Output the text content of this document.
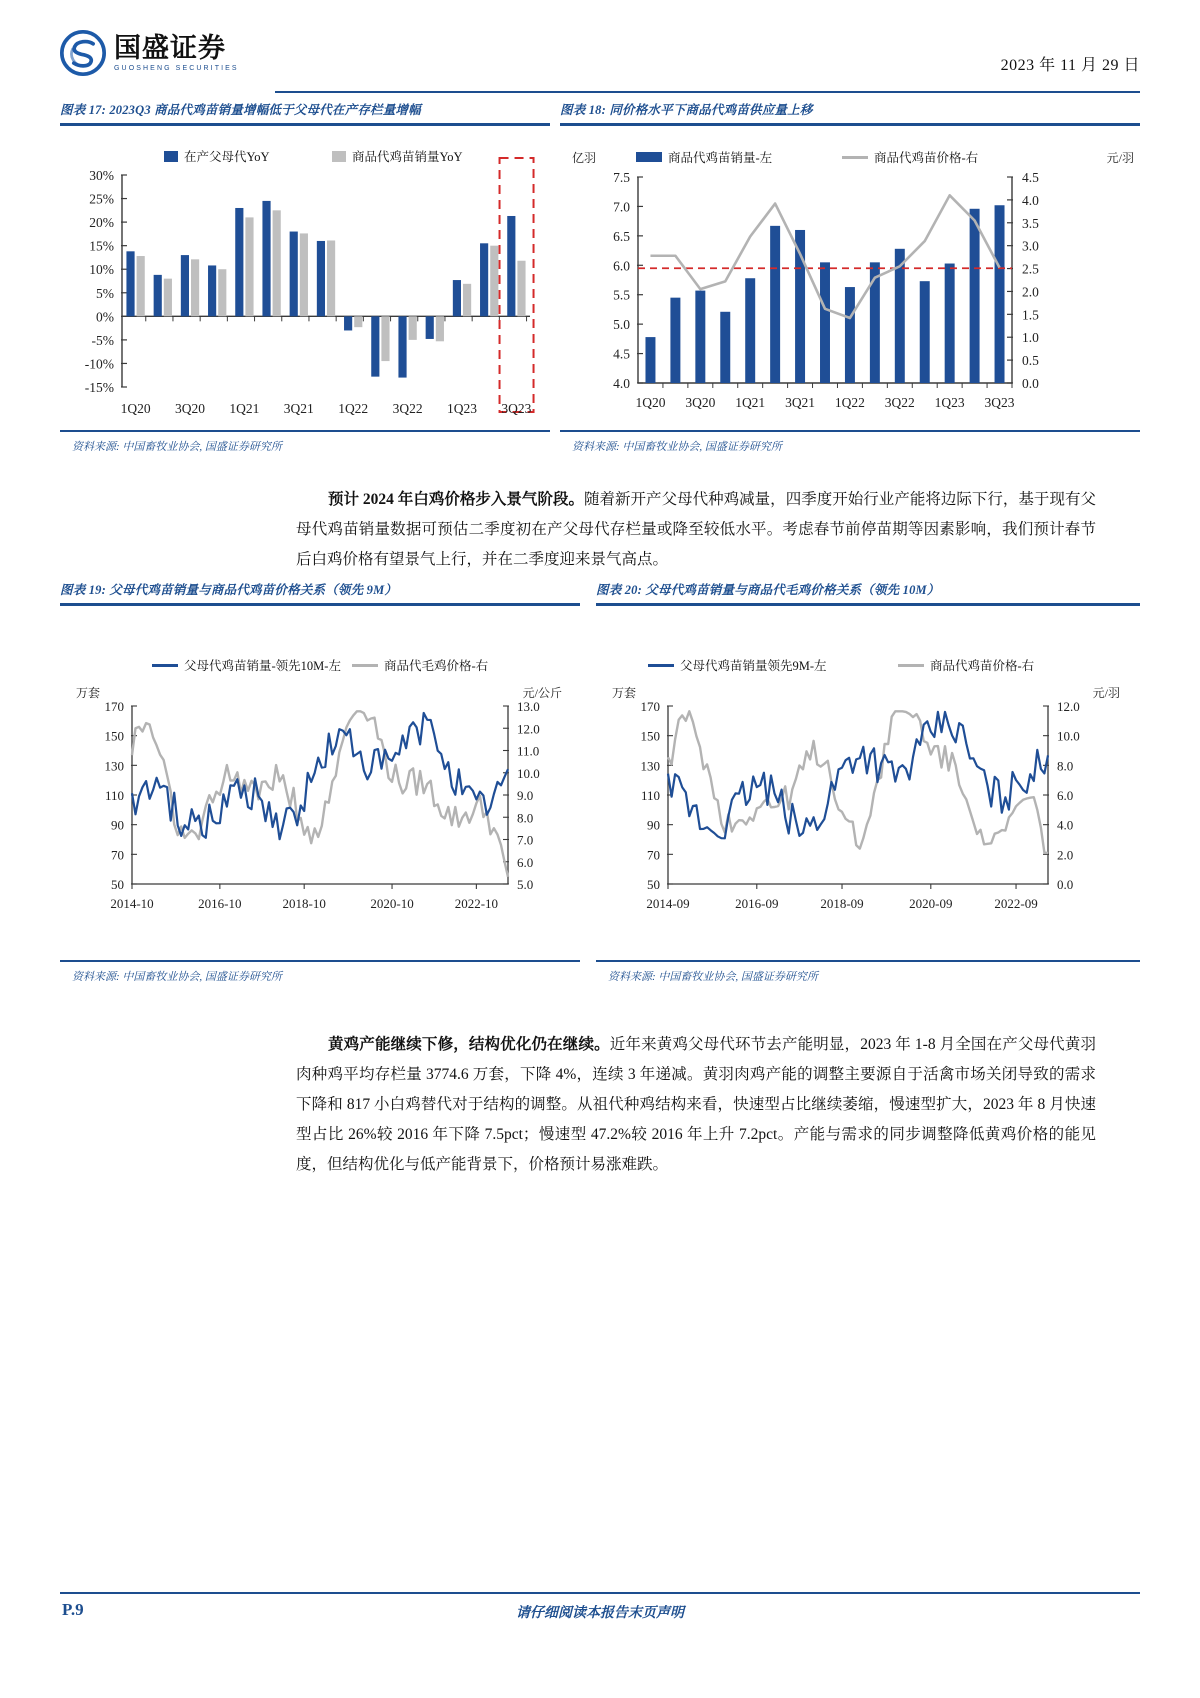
国盛证券
GUOSHENG SECURITIES	2023 年 11 月 29 日
图表 17: 2023Q3 商品代鸡苗销量增幅低于父母代在产存栏量增幅
在产父母代YoY	商品代鸡苗销量YoY
30%
25%
20%
15%
10%
5%
0%
-5%
-10%
-15%
1Q20 3Q20 1Q21 3Q21 1Q22 3Q22 1Q23 3Q23
资料来源: 中国畜牧业协会, 国盛证券研究所
图表 18: 同价格水平下商品代鸡苗供应量上移
亿羽	元/羽
商品代鸡苗销量-左	商品代鸡苗价格-右
7.5
7.0
6.5
6.0
5.5
5.0
4.5
4.0
4.5
4.0
3.5
3.0
2.5
2.0
1.5
1.0
0.5
0.0
1Q20 3Q20 1Q21 3Q21 1Q22 3Q22 1Q23 3Q23
资料来源: 中国畜牧业协会, 国盛证券研究所
预计 2024 年白鸡价格步入景气阶段。随着新开产父母代种鸡减量，四季度开始行业产能将边际下行，基于现有父母代鸡苗销量数据可预估二季度初在产父母代存栏量或降至较低水平。考虑春节前停苗期等因素影响，我们预计春节后白鸡价格有望景气上行，并在二季度迎来景气高点。
图表 19: 父母代鸡苗销量与商品代鸡苗价格关系（领先 9M）
父母代鸡苗销量-领先10M-左	商品代毛鸡价格-右
万套	元/公斤
170
150
130
110
90
70
50
13.0
12.0
11.0
10.0
9.0
8.0
7.0
6.0
5.0
2014-10	2016-10	2018-10	2020-10	2022-10
资料来源: 中国畜牧业协会, 国盛证券研究所
图表 20: 父母代鸡苗销量与商品代毛鸡价格关系（领先 10M）
父母代鸡苗销量领先9M-左	商品代鸡苗价格-右
万套	元/羽
170
150
130
110
90
70
50
12.0
10.0
8.0
6.0
4.0
2.0
0.0
2014-09	2016-09	2018-09	2020-09	2022-09
资料来源: 中国畜牧业协会, 国盛证券研究所
黄鸡产能继续下修，结构优化仍在继续。近年来黄鸡父母代环节去产能明显，2023 年 1-8 月全国在产父母代黄羽肉种鸡平均存栏量 3774.6 万套，下降 4%，连续 3 年递减。黄羽肉鸡产能的调整主要源自于活禽市场关闭导致的需求下降和 817 小白鸡替代对于结构的调整。从祖代种鸡结构来看，快速型占比继续萎缩，慢速型扩大，2023 年 8 月快速型占比 26%较 2016 年下降 7.5pct；慢速型 47.2%较 2016 年上升 7.2pct。产能与需求的同步调整降低黄鸡价格的能见度，但结构优化与低产能背景下，价格预计易涨难跌。
P.9	请仔细阅读本报告末页声明
